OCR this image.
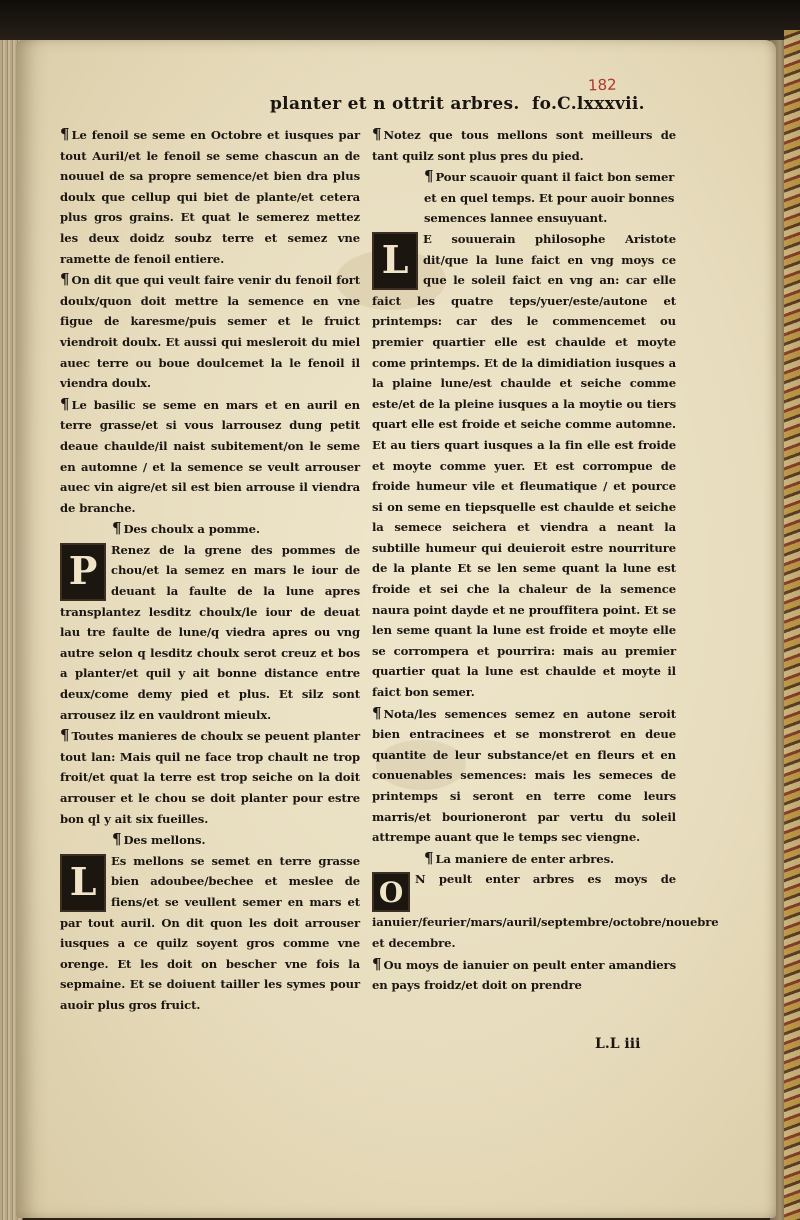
182
planter et n ottrit arbres. fo.C.lxxxvii.

¶ Le fenoil se seme en Octobre et iusques par tout Auril/et le fenoil se seme chascun an de nouuel de sa propre semence/et bien dra plus doulx que cellup qui biet de plante/et cetera plus gros grains. Et quat le semerez mettez les deux doidz soubz terre et semez vne ramette de fenoil entiere.

¶ On dit que qui veult faire venir du fenoil fort doulx/quon doit mettre la semence en vne figue de karesme/puis semer et le fruict viendroit doulx. Et aussi qui mesleroit du miel auec terre ou boue doulcemet la le fenoil il viendra doulx.

¶ Le basilic se seme en mars et en auril en terre grasse/et si vous larrousez dung petit deaue chaulde/il naist subitement/on le seme en automne / et la semence se veult arrouser auec vin aigre/et sil est bien arrouse il viendra de branche.

¶ Des choulx a pomme.

P	Renez de la grene des pommes de chou/et la semez en mars le iour de deuant la faulte de la lune apres transplantez lesditz choulx/le iour de deuat lau tre faulte de lune/q viedra apres ou vng autre selon q lesditz choulx serot creuz et bos a planter/et quil y ait bonne distance entre deux/come demy pied et plus. Et silz sont arrousez ilz en vauldront mieulx.

¶ Toutes manieres de choulx se peuent planter tout lan: Mais quil ne face trop chault ne trop froit/et quat la terre est trop seiche on la doit arrouser et le chou se doit planter pour estre bon ql y ait six fueilles.

¶ Des mellons.

L	Es mellons se semet en terre grasse bien adoubee/bechee et meslee de fiens/et se veullent semer en mars et par tout auril. On dit quon les doit arrouser iusques a ce quilz soyent gros comme vne orenge. Et les doit on bescher vne fois la sepmaine. Et se doiuent tailler les symes pour auoir plus gros fruict.

¶ Notez que tous mellons sont meilleurs de tant quilz sont plus pres du pied.

¶ Pour scauoir quant il faict bon semer et en quel temps. Et pour auoir bonnes semences lannee ensuyuant.

L	E souuerain philosophe Aristote dit/que la lune faict en vng moys ce que le soleil faict en vng an: car elle faict les quatre teps/yuer/este/autone et printemps: car des le commencemet ou premier quartier elle est chaulde et moyte come printemps. Et de la dimidiation iusques a la plaine lune/est chaulde et seiche comme este/et de la pleine iusques a la moytie ou tiers quart elle est froide et seiche comme automne. Et au tiers quart iusques a la fin elle est froide et moyte comme yuer. Et est corrompue de froide humeur vile et fleumatique / et pource si on seme en tiepsquelle est chaulde et seiche la semece seichera et viendra a neant la subtille humeur qui deuieroit estre nourriture de la plante Et se len seme quant la lune est froide et sei che la chaleur de la semence naura point dayde et ne prouffitera point. Et se len seme quant la lune est froide et moyte elle se corrompera et pourrira: mais au premier quartier quat la lune est chaulde et moyte il faict bon semer.

¶ Nota/les semences semez en autone seroit bien entracinees et se monstrerot en deue quantite de leur substance/et en fleurs et en conuenables semences: mais les semeces de printemps si seront en terre come leurs marris/et bourioneront par vertu du soleil attrempe auant que le temps sec viengne.

¶ La maniere de enter arbres.

O	N peult enter arbres es moys de ianuier/feurier/mars/auril/septembre/octobre/nouebre et decembre.

¶ Ou moys de ianuier on peult enter amandiers en pays froidz/et doit on prendre

L.L iii
